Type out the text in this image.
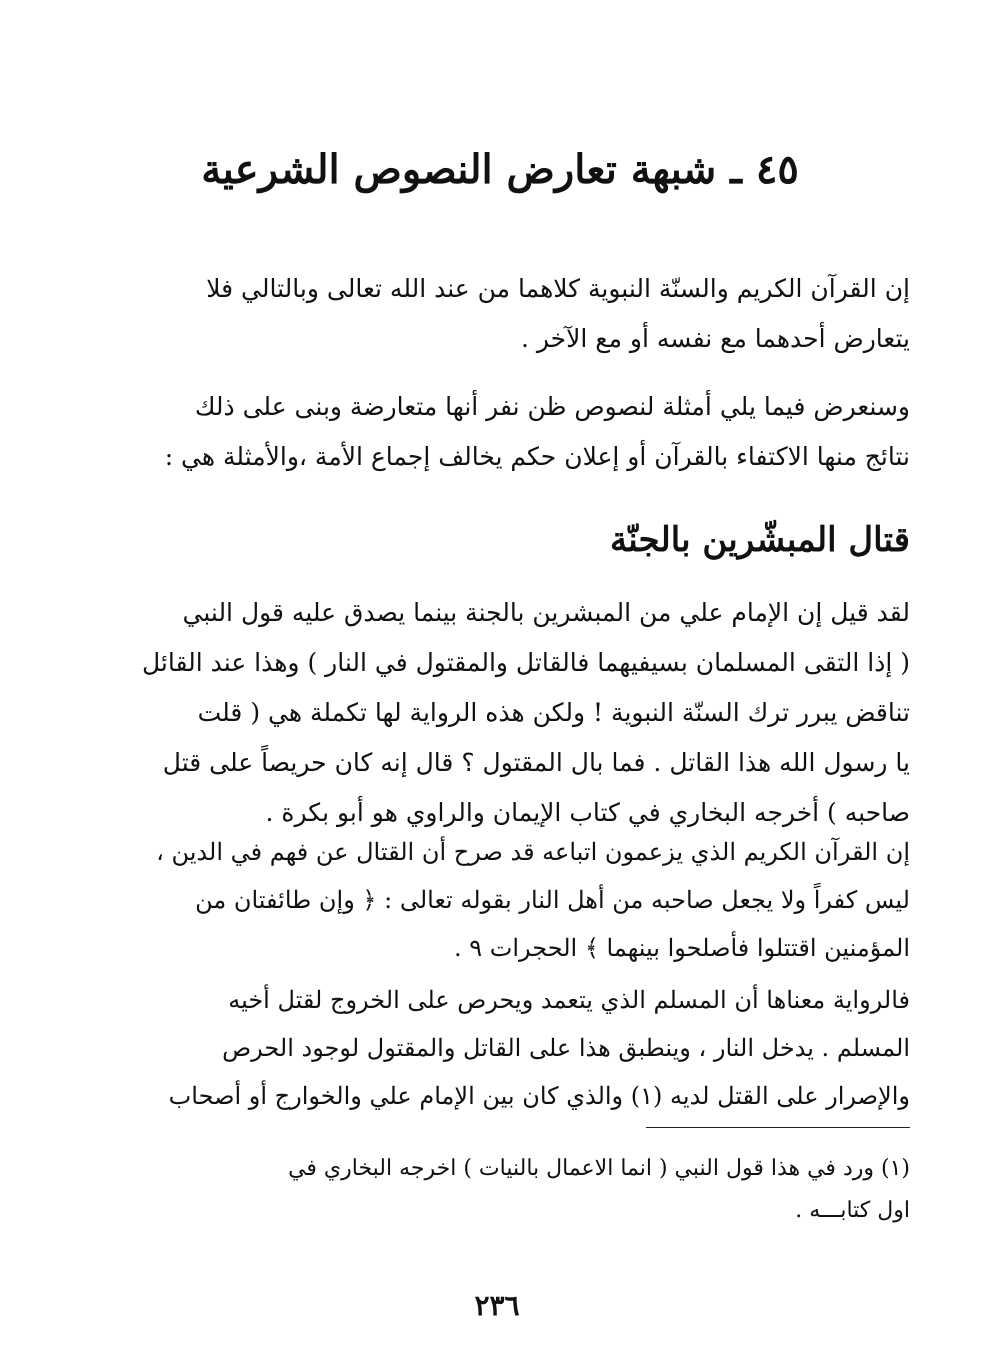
٤٥ ـ شبهة تعارض النصوص الشرعية
إن القرآن الكريم والسنّة النبوية كلاهما من عند الله تعالى وبالتالي فلا
يتعارض أحدهما مع نفسه أو مع الآخر .
وسنعرض فيما يلي أمثلة لنصوص ظن نفر أنها متعارضة وبنى على ذلك
نتائج منها الاكتفاء بالقرآن أو إعلان حكم يخالف إجماع الأمة ،والأمثلة هي :
قتال المبشّرين بالجنّة
لقد قيل إن الإمام علي من المبشرين بالجنة بينما يصدق عليه قول النبي
( إذا التقى المسلمان بسيفيهما فالقاتل والمقتول في النار ) وهذا عند القائل
تناقض يبرر ترك السنّة النبوية ! ولكن هذه الرواية لها تكملة هي ( قلت
يا رسول الله هذا القاتل . فما بال المقتول ؟ قال إنه كان حريصاً على قتل
صاحبه ) أخرجه البخاري في كتاب الإيمان والراوي هو أبو بكرة .
إن القرآن الكريم الذي يزعمون اتباعه قد صرح أن القتال عن فهم في الدين ،
ليس كفراً ولا يجعل صاحبه من أهل النار بقوله تعالى : ﴿ وإن طائفتان من
المؤمنين اقتتلوا فأصلحوا بينهما ﴾ الحجرات ٩ .
فالرواية معناها أن المسلم الذي يتعمد ويحرص على الخروج لقتل أخيه
المسلم . يدخل النار ، وينطبق هذا على القاتل والمقتول لوجود الحرص
والإصرار على القتل لديه (١) والذي كان بين الإمام علي والخوارج أو أصحاب
(١) ورد في هذا قول النبي ( انما الاعمال بالنيات ) اخرجه البخاري في
اول كتابـــه .
٢٣٦
